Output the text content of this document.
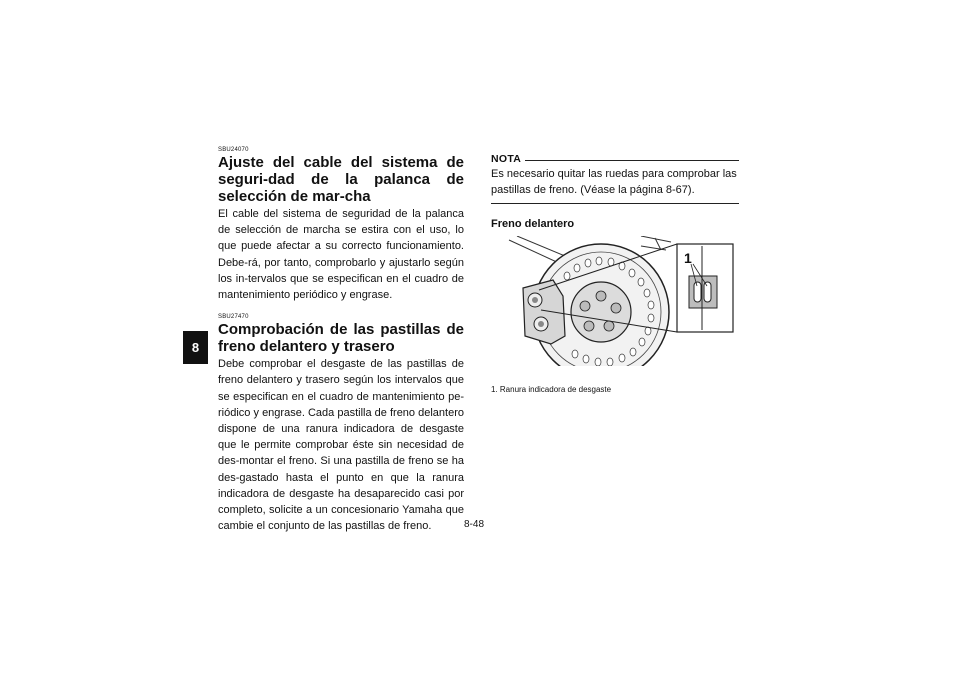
8
SBU24070
Ajuste del cable del sistema de seguri-dad de la palanca de selección de mar-cha

El cable del sistema de seguridad de la palanca de selección de marcha se estira con el uso, lo que puede afectar a su correcto funcionamiento. Debe-rá, por tanto, comprobarlo y ajustarlo según los in-tervalos que se especifican en el cuadro de mantenimiento periódico y engrase.

SBU27470
Comprobación de las pastillas de freno delantero y trasero

Debe comprobar el desgaste de las pastillas de freno delantero y trasero según los intervalos que se especifican en el cuadro de mantenimiento pe-riódico y engrase. Cada pastilla de freno delantero dispone de una ranura indicadora de desgaste que le permite comprobar éste sin necesidad de des-montar el freno. Si una pastilla de freno se ha des-gastado hasta el punto en que la ranura indicadora de desgaste ha desaparecido casi por completo, solicite a un concesionario Yamaha que cambie el conjunto de las pastillas de freno.

NOTA

Es necesario quitar las ruedas para comprobar las pastillas de freno. (Véase la página 8-67).

Freno delantero
1
1. Ranura indicadora de desgaste
8-48
